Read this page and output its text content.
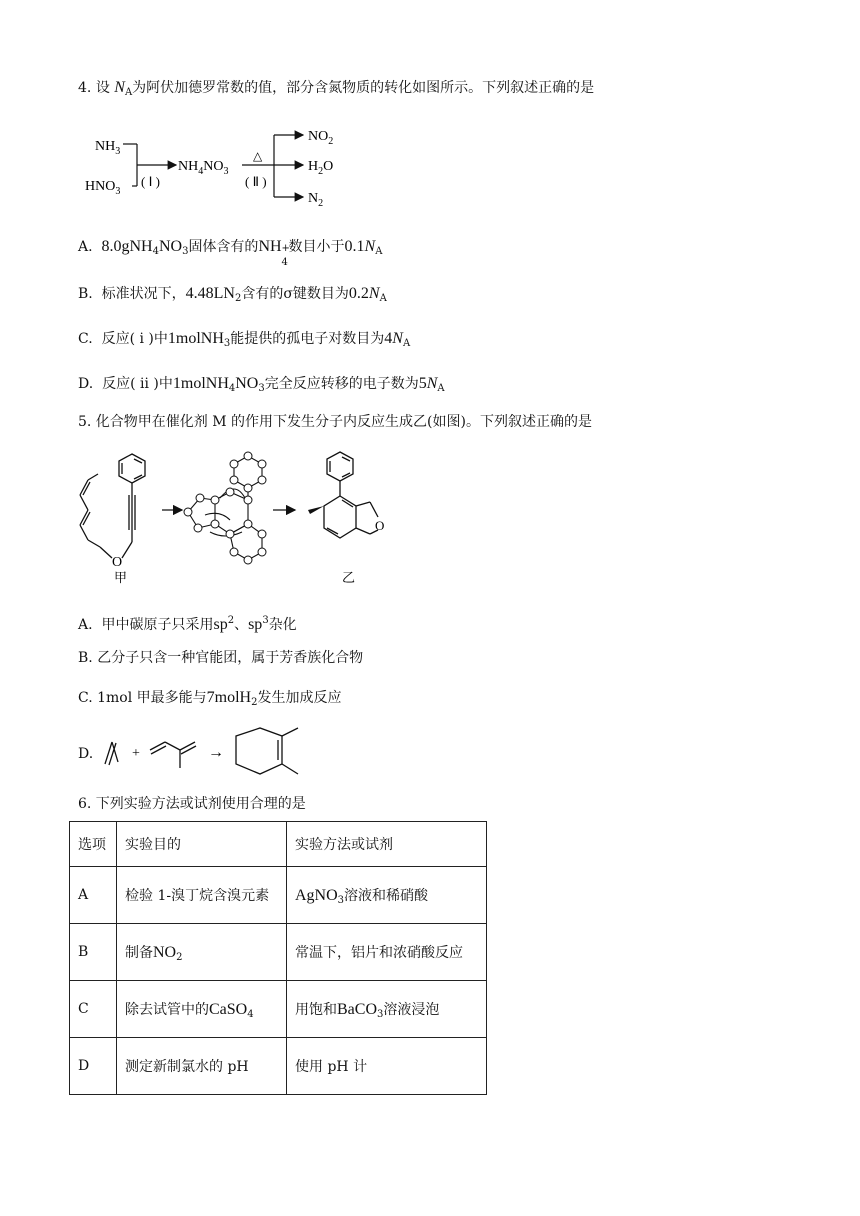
4. 设 $N_A$为阿伏加德罗常数的值，部分含氮物质的转化如图所示。下列叙述正确的是
$NH_3$
$HNO_3$
( Ⅰ )
$NH_4NO_3$
△
( Ⅱ )
$NO_2$
$H_2O$
$N_2$
A. $8.0gNH_4NO_3$固体含有的NH +
4
数目小于$0.1N_A$
B. 标准状况下，$4.48LN_2$含有的σ键数目为$0.2N_A$
C. 反应( ⅰ )中1molNH$_3$能提供的孤电子对数目为$4N_A$
D. 反应( ⅱ )中$1molNH_4NO_3$完全反应转移的电子数为$5N_A$
5. 化合物甲在催化剂 M 的作用下发生分子内反应生成乙(如图)。下列叙述正确的是
O
甲
O
乙
A. 甲中碳原子只采用$sp^2$、$sp^3$杂化
B. 乙分子只含一种官能团，属于芳香族化合物
C. 1mol 甲最多能与7molH$_2$发生加成反应
D.	+	→
6. 下列实验方法或试剂使用合理的是
选项	实验目的	实验方法或试剂
A	检验 1-溴丁烷含溴元素	AgNO$_3$溶液和稀硝酸
B	制备$NO_2$	常温下，铝片和浓硝酸反应
C	除去试管中的CaSO$_4$	用饱和BaCO$_3$溶液浸泡
D	测定新制氯水的 pH	使用 pH 计
